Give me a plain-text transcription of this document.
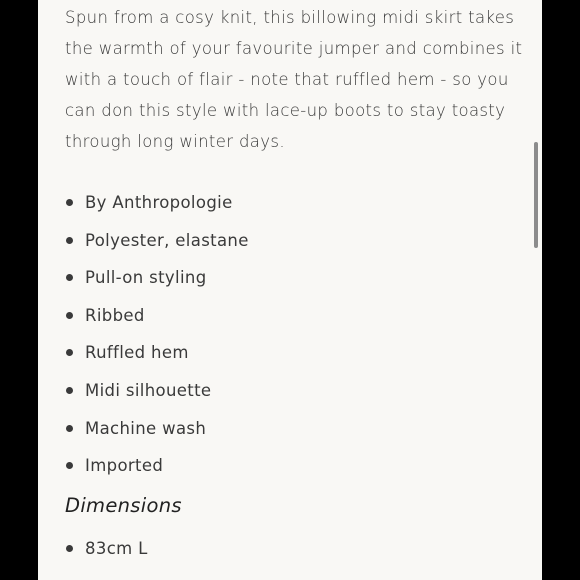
Spun from a cosy knit, this billowing midi skirt takes the warmth of your favourite jumper and combines it with a touch of flair - note that ruffled hem - so you can don this style with lace-up boots to stay toasty through long winter days.

By Anthropologie
Polyester, elastane
Pull-on styling
Ribbed
Ruffled hem
Midi silhouette
Machine wash
Imported
Dimensions
83cm L
